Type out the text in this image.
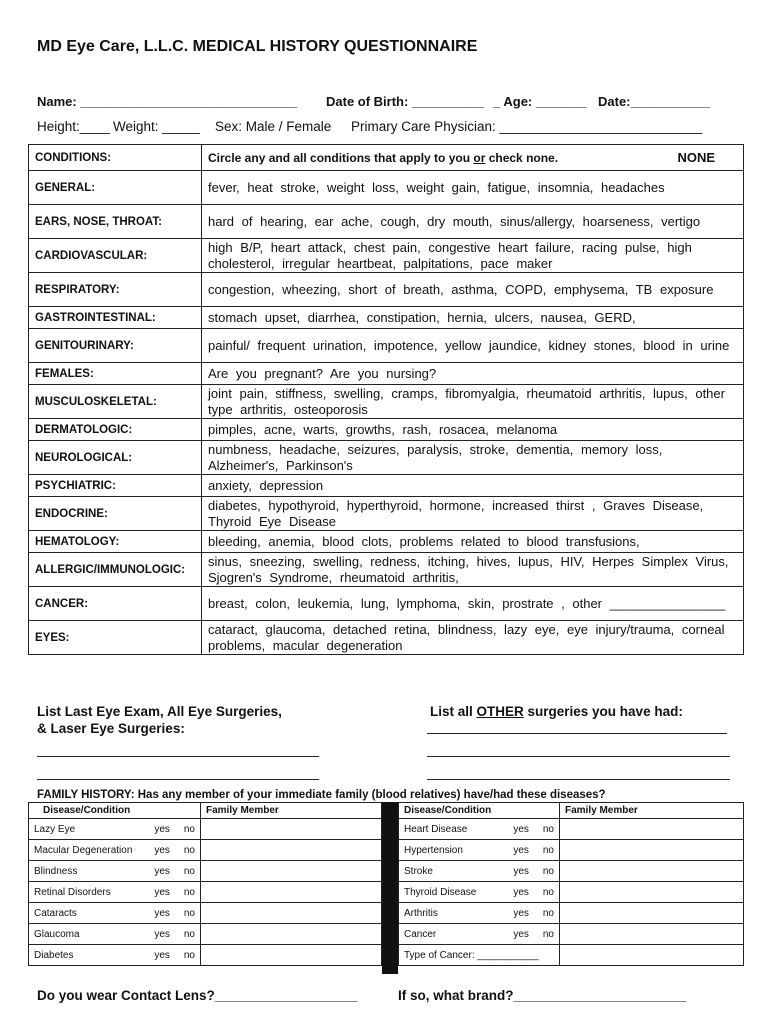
MD Eye Care, L.L.C. MEDICAL HISTORY QUESTIONNAIRE
Name: ______________________________ Date of Birth: __________ _ Age: _______ Date:___________
Height:____ Weight: _____ Sex: Male / Female Primary Care Physician: ___________________________
CONDITIONS:	Circle any and all conditions that apply to you or check none. NONE

GENERAL:	fever, heat stroke, weight loss, weight gain, fatigue, insomnia, headaches
EARS, NOSE, THROAT:	hard of hearing, ear ache, cough, dry mouth, sinus/allergy, hoarseness, vertigo
CARDIOVASCULAR:	high B/P, heart attack, chest pain, congestive heart failure, racing pulse, high cholesterol, irregular heartbeat, palpitations, pace maker
RESPIRATORY:	congestion, wheezing, short of breath, asthma, COPD, emphysema, TB exposure
GASTROINTESTINAL:	stomach upset, diarrhea, constipation, hernia, ulcers, nausea, GERD,
GENITOURINARY:	painful/ frequent urination, impotence, yellow jaundice, kidney stones, blood in urine
FEMALES:	Are you pregnant? Are you nursing?
MUSCULOSKELETAL:	joint pain, stiffness, swelling, cramps, fibromyalgia, rheumatoid arthritis, lupus, other type arthritis, osteoporosis
DERMATOLOGIC:	pimples, acne, warts, growths, rash, rosacea, melanoma
NEUROLOGICAL:	numbness, headache, seizures, paralysis, stroke, dementia, memory loss, Alzheimer's, Parkinson's
PSYCHIATRIC:	anxiety, depression
ENDOCRINE:	diabetes, hypothyroid, hyperthyroid, hormone, increased thirst , Graves Disease, Thyroid Eye Disease
HEMATOLOGY:	bleeding, anemia, blood clots, problems related to blood transfusions,
ALLERGIC/IMMUNOLOGIC:	sinus, sneezing, swelling, redness, itching, hives, lupus, HIV, Herpes Simplex Virus, Sjogren's Syndrome, rheumatoid arthritis,
CANCER:	breast, colon, leukemia, lung, lymphoma, skin, prostrate , other ________________
EYES:	cataract, glaucoma, detached retina, blindness, lazy eye, eye injury/trauma, corneal problems, macular degeneration
List Last Eye Exam, All Eye Surgeries,
& Laser Eye Surgeries:
List all OTHER surgeries you have had:
FAMILY HISTORY: Has any member of your immediate family (blood relatives) have/had these diseases?
Disease/Condition	Family Member
Lazy Eye yes no	

Macular Degeneration yes no	

Blindness yes no	

Retinal Disorders yes no	

Cataracts yes no	

Glaucoma yes no	

Diabetes yes no	

Disease/Condition	Family Member
Heart Disease yes no	

Hypertension yes no	

Stroke yes no	

Thyroid Disease yes no	

Arthritis yes no	

Cancer yes no	

Type of Cancer: ___________	
Do you wear Contact Lens?___________________	If so, what brand?_______________________
